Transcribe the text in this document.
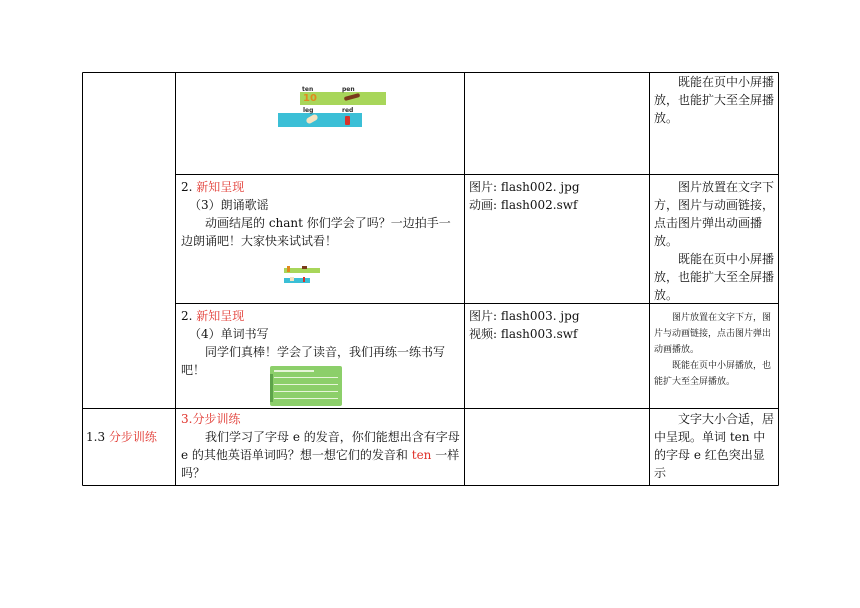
ten
10
pen
leg	red

既能在页中小屏播放，也能扩大至全屏播放。

2. 新知呈现

（3）朗诵歌谣

动画结尾的 chant 你们学会了吗？一边拍手一边朗诵吧！大家快来试试看！

图片: flash002. jpg

动画: flash002.swf

图片放置在文字下方，图片与动画链接，点击图片弹出动画播放。

既能在页中小屏播放，也能扩大至全屏播放。

2. 新知呈现

（4）单词书写

同学们真棒！学会了读音，我们再练一练书写吧！

图片: flash003. jpg

视频: flash003.swf

图片放置在文字下方，图片与动画链接，点击图片弹出动画播放。

既能在页中小屏播放，也能扩大至全屏播放。

1.3 分步训练

3.分步训练

我们学习了字母 e 的发音，你们能想出含有字母 e 的其他英语单词吗？想一想它们的发音和 ten 一样吗？

文字大小合适，居中呈现。单词 ten 中的字母 e 红色突出显示
